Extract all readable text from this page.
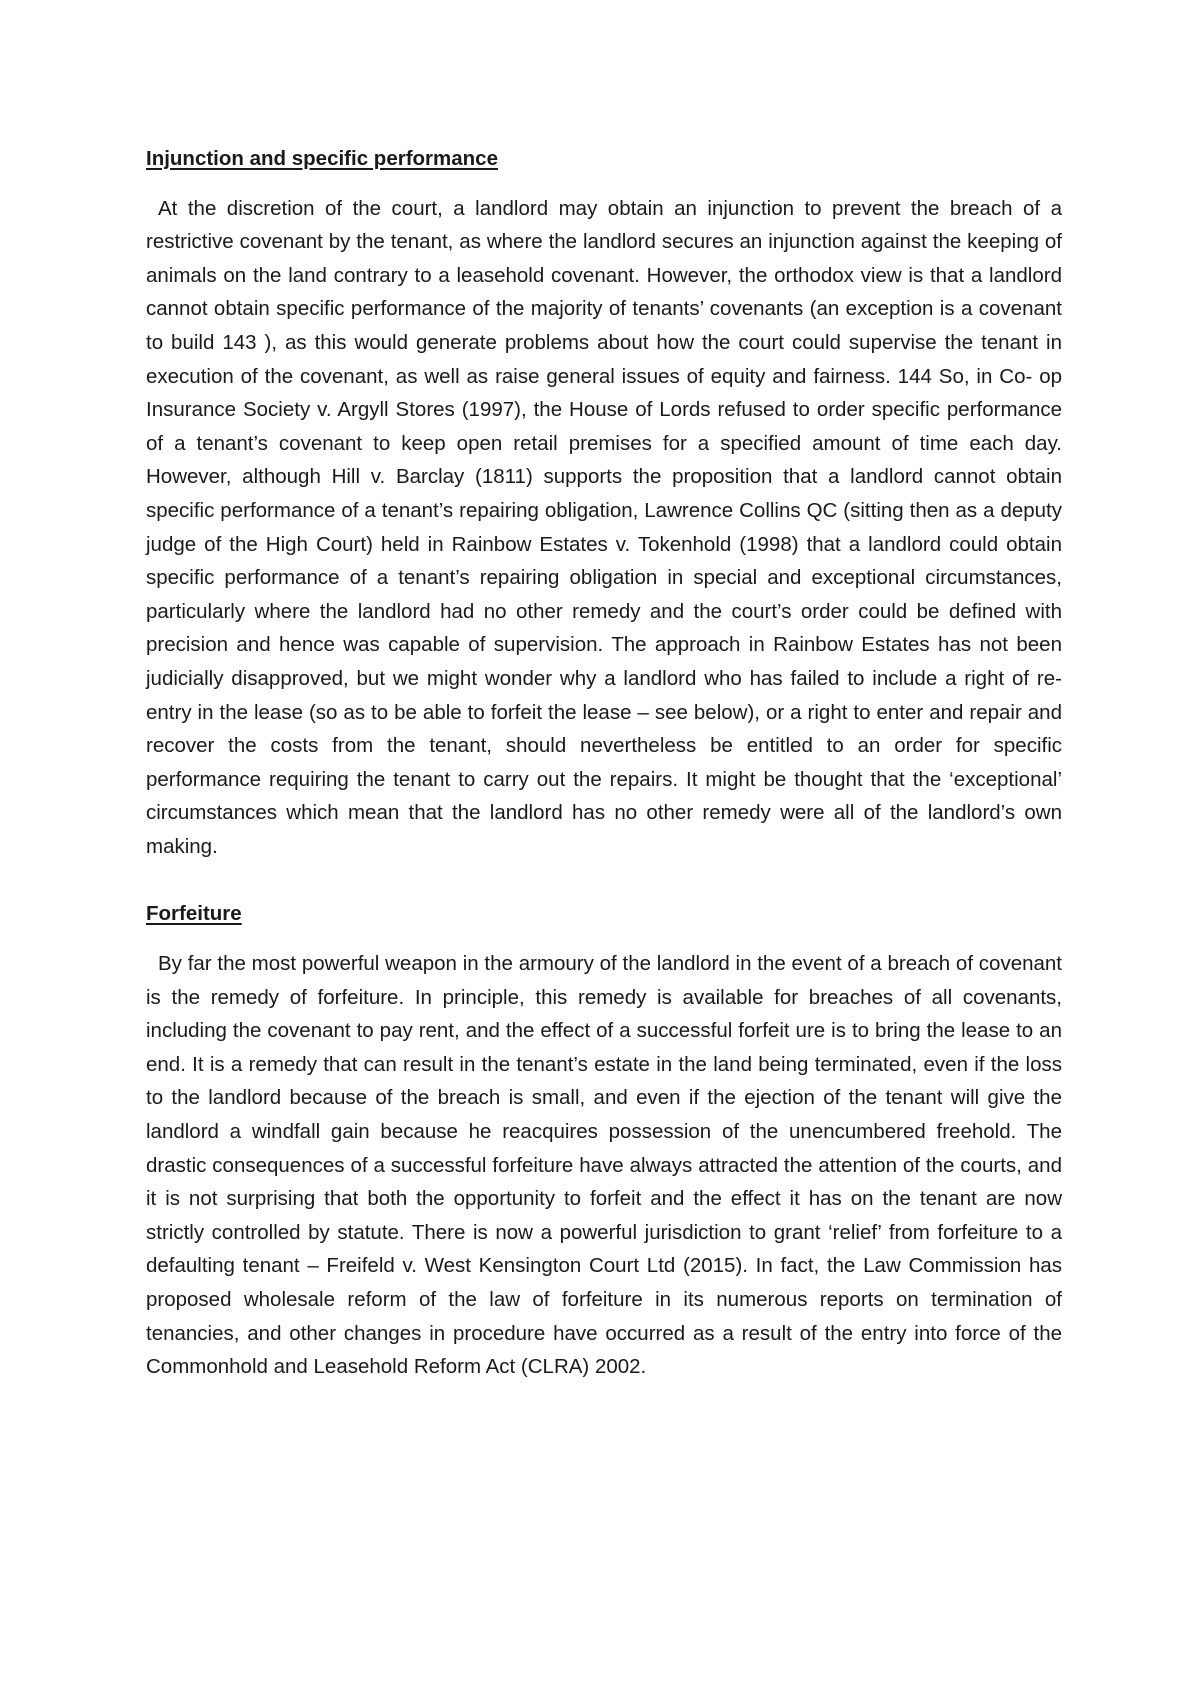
Injunction and specific performance

At the discretion of the court, a landlord may obtain an injunction to prevent the breach of a restrictive covenant by the tenant, as where the landlord secures an injunction against the keeping of animals on the land contrary to a leasehold covenant. However, the orthodox view is that a landlord cannot obtain specific performance of the majority of tenants’ covenants (an exception is a covenant to build 143 ), as this would generate problems about how the court could supervise the tenant in execution of the covenant, as well as raise general issues of equity and fairness. 144 So, in Co- op Insurance Society v. Argyll Stores (1997), the House of Lords refused to order specific performance of a tenant’s covenant to keep open retail premises for a specified amount of time each day. However, although Hill v. Barclay (1811) supports the proposition that a landlord cannot obtain specific performance of a tenant’s repairing obligation, Lawrence Collins QC (sitting then as a deputy judge of the High Court) held in Rainbow Estates v. Tokenhold (1998) that a landlord could obtain specific performance of a tenant’s repairing obligation in special and exceptional circumstances, particularly where the landlord had no other remedy and the court’s order could be defined with precision and hence was capable of supervision. The approach in Rainbow Estates has not been judicially disapproved, but we might wonder why a landlord who has failed to include a right of re- entry in the lease (so as to be able to forfeit the lease – see below), or a right to enter and repair and recover the costs from the tenant, should nevertheless be entitled to an order for specific performance requiring the tenant to carry out the repairs. It might be thought that the ‘exceptional’ circumstances which mean that the landlord has no other remedy were all of the landlord’s own making.

Forfeiture

By far the most powerful weapon in the armoury of the landlord in the event of a breach of covenant is the remedy of forfeiture. In principle, this remedy is available for breaches of all covenants, including the covenant to pay rent, and the effect of a successful forfeit ure is to bring the lease to an end. It is a remedy that can result in the tenant’s estate in the land being terminated, even if the loss to the landlord because of the breach is small, and even if the ejection of the tenant will give the landlord a windfall gain because he reacquires possession of the unencumbered freehold. The drastic consequences of a successful forfeiture have always attracted the attention of the courts, and it is not surprising that both the opportunity to forfeit and the effect it has on the tenant are now strictly controlled by statute. There is now a powerful jurisdiction to grant ‘relief’ from forfeiture to a defaulting tenant – Freifeld v. West Kensington Court Ltd (2015). In fact, the Law Commission has proposed wholesale reform of the law of forfeiture in its numerous reports on termination of tenancies, and other changes in procedure have occurred as a result of the entry into force of the Commonhold and Leasehold Reform Act (CLRA) 2002.
